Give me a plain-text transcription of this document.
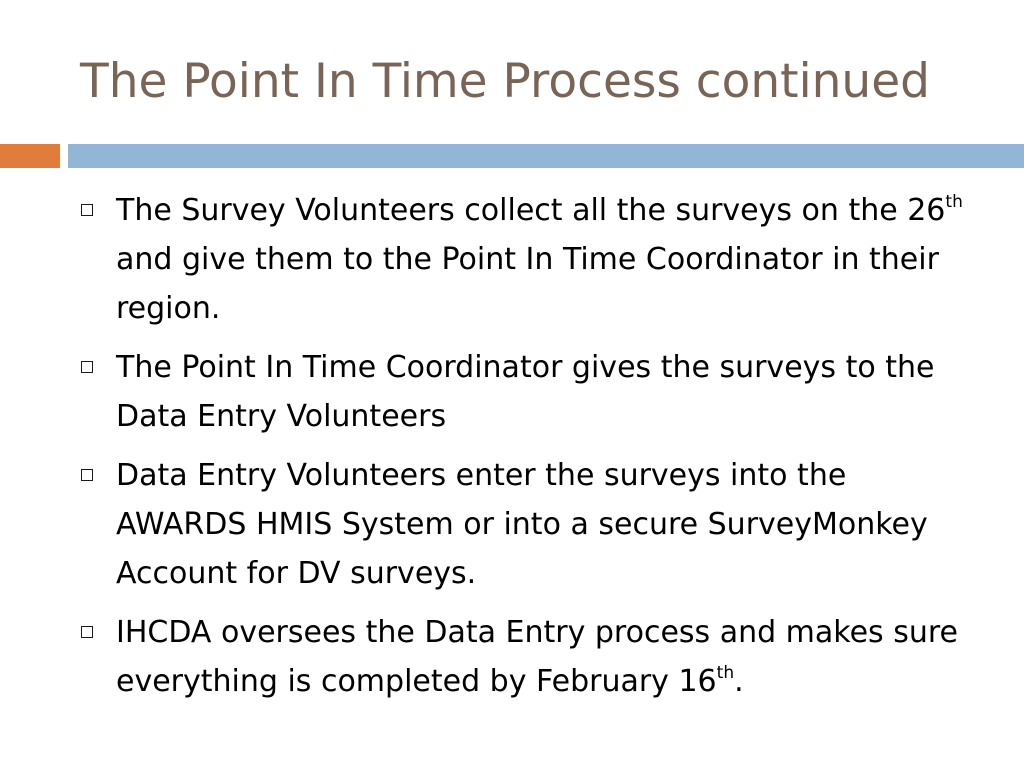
The Point In Time Process continued
The Survey Volunteers collect all the surveys on the 26th and give them to the Point In Time Coordinator in their region.
The Point In Time Coordinator gives the surveys to the Data Entry Volunteers
Data Entry Volunteers enter the surveys into the AWARDS HMIS System or into a secure SurveyMonkey Account for DV surveys.
IHCDA oversees the Data Entry process and makes sure everything is completed by February 16th.
